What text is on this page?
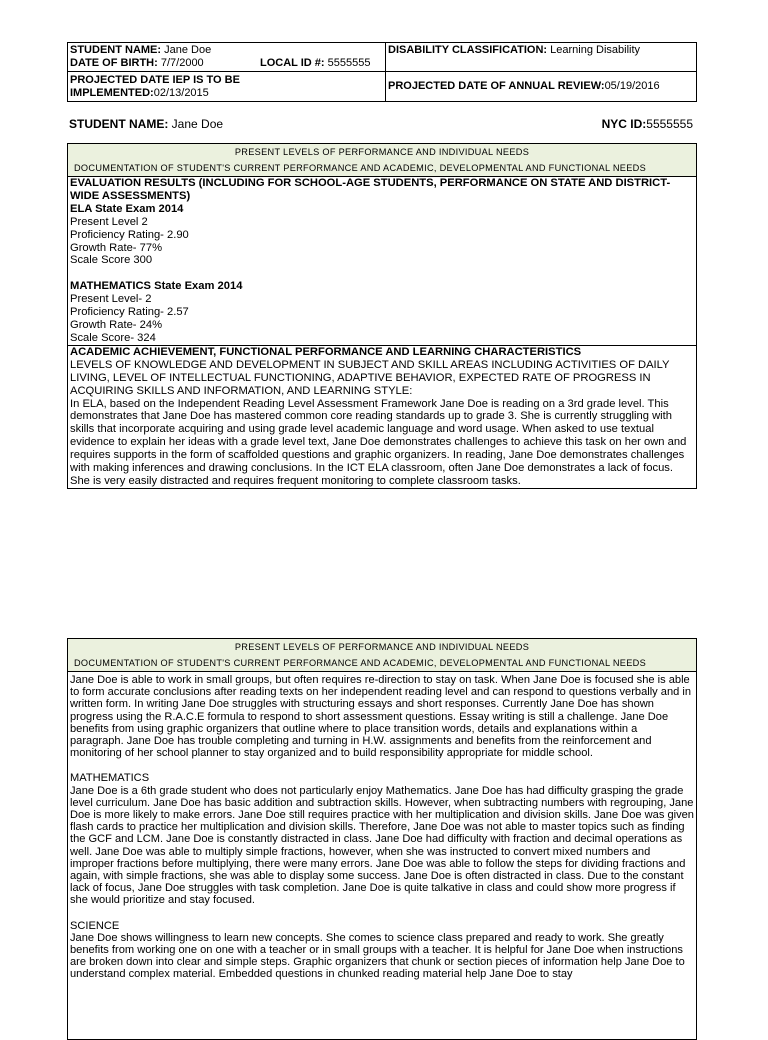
STUDENT NAME: Jane Doe
DATE OF BIRTH: 7/7/2000 LOCAL ID #: 5555555	DISABILITY CLASSIFICATION: Learning Disability

PROJECTED DATE IEP IS TO BE
IMPLEMENTED:02/13/2015	PROJECTED DATE OF ANNUAL REVIEW:05/19/2016
STUDENT NAME: Jane Doe	NYC ID:5555555
PRESENT LEVELS OF PERFORMANCE AND INDIVIDUAL NEEDS
DOCUMENTATION OF STUDENT'S CURRENT PERFORMANCE AND ACADEMIC, DEVELOPMENTAL AND FUNCTIONAL NEEDS
EVALUATION RESULTS (INCLUDING FOR SCHOOL-AGE STUDENTS, PERFORMANCE ON STATE AND DISTRICT-WIDE ASSESSMENTS)
ELA State Exam 2014
Present Level 2
Proficiency Rating- 2.90
Growth Rate- 77%
Scale Score 300
MATHEMATICS State Exam 2014
Present Level- 2
Proficiency Rating- 2.57
Growth Rate- 24%
Scale Score- 324
ACADEMIC ACHIEVEMENT, FUNCTIONAL PERFORMANCE AND LEARNING CHARACTERISTICS
LEVELS OF KNOWLEDGE AND DEVELOPMENT IN SUBJECT AND SKILL AREAS INCLUDING ACTIVITIES OF DAILY LIVING, LEVEL OF INTELLECTUAL FUNCTIONING, ADAPTIVE BEHAVIOR, EXPECTED RATE OF PROGRESS IN ACQUIRING SKILLS AND INFORMATION, AND LEARNING STYLE:
In ELA, based on the Independent Reading Level Assessment Framework Jane Doe is reading on a 3rd grade level. This demonstrates that Jane Doe has mastered common core reading standards up to grade 3. She is currently struggling with skills that incorporate acquiring and using grade level academic language and word usage. When asked to use textual evidence to explain her ideas with a grade level text, Jane Doe demonstrates challenges to achieve this task on her own and requires supports in the form of scaffolded questions and graphic organizers. In reading, Jane Doe demonstrates challenges with making inferences and drawing conclusions. In the ICT ELA classroom, often Jane Doe demonstrates a lack of focus. She is very easily distracted and requires frequent monitoring to complete classroom tasks.
PRESENT LEVELS OF PERFORMANCE AND INDIVIDUAL NEEDS
DOCUMENTATION OF STUDENT'S CURRENT PERFORMANCE AND ACADEMIC, DEVELOPMENTAL AND FUNCTIONAL NEEDS
Jane Doe is able to work in small groups, but often requires re-direction to stay on task. When Jane Doe is focused she is able to form accurate conclusions after reading texts on her independent reading level and can respond to questions verbally and in written form. In writing Jane Doe struggles with structuring essays and short responses. Currently Jane Doe has shown progress using the R.A.C.E formula to respond to short assessment questions. Essay writing is still a challenge. Jane Doe benefits from using graphic organizers that outline where to place transition words, details and explanations within a paragraph. Jane Doe has trouble completing and turning in H.W. assignments and benefits from the reinforcement and monitoring of her school planner to stay organized and to build responsibility appropriate for middle school.
MATHEMATICS
Jane Doe is a 6th grade student who does not particularly enjoy Mathematics. Jane Doe has had difficulty grasping the grade level curriculum. Jane Doe has basic addition and subtraction skills. However, when subtracting numbers with regrouping, Jane Doe is more likely to make errors. Jane Doe still requires practice with her multiplication and division skills. Jane Doe was given flash cards to practice her multiplication and division skills. Therefore, Jane Doe was not able to master topics such as finding the GCF and LCM. Jane Doe is constantly distracted in class. Jane Doe had difficulty with fraction and decimal operations as well. Jane Doe was able to multiply simple fractions, however, when she was instructed to convert mixed numbers and improper fractions before multiplying, there were many errors. Jane Doe was able to follow the steps for dividing fractions and again, with simple fractions, she was able to display some success. Jane Doe is often distracted in class. Due to the constant lack of focus, Jane Doe struggles with task completion. Jane Doe is quite talkative in class and could show more progress if she would prioritize and stay focused.
SCIENCE
Jane Doe shows willingness to learn new concepts. She comes to science class prepared and ready to work. She greatly benefits from working one on one with a teacher or in small groups with a teacher. It is helpful for Jane Doe when instructions are broken down into clear and simple steps. Graphic organizers that chunk or section pieces of information help Jane Doe to understand complex material. Embedded questions in chunked reading material help Jane Doe to stay
